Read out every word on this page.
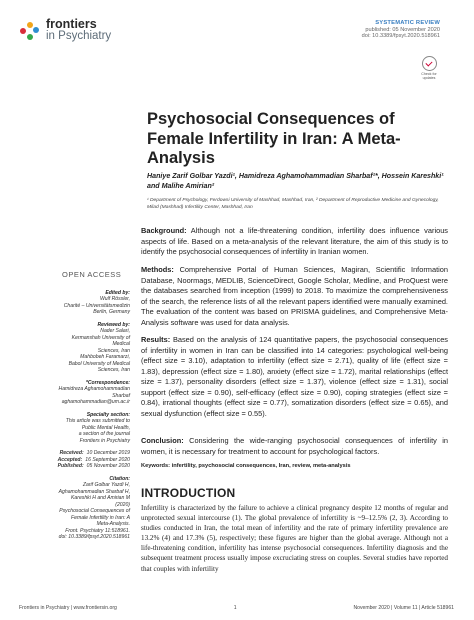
frontiers
in Psychiatry
SYSTEMATIC REVIEW
published: 05 November 2020
doi: 10.3389/fpsyt.2020.518961
Check for updates
Psychosocial Consequences of Female Infertility in Iran: A Meta-Analysis
Haniye Zarif Golbar Yazdi¹, Hamidreza Aghamohammadian Sharbaf¹*, Hossein Kareshki¹ and Malihe Amirian²
¹ Department of Psychology, Ferdowsi University of Mashhad, Mashhad, Iran, ² Department of Reproductive Medicine and Gynecology, Milad (Mashhad) Infertility Center, Mashhad, Iran
Background: Although not a life-threatening condition, infertility does influence various aspects of life. Based on a meta-analysis of the relevant literature, the aim of this study is to identify the psychosocial consequences of infertility in Iranian women.
Methods: Comprehensive Portal of Human Sciences, Magiran, Scientific Information Database, Noormags, MEDLIB, ScienceDirect, Google Scholar, Medline, and ProQuest were the databases searched from inception (1999) to 2018. To maximize the comprehensiveness of the search, the reference lists of all the relevant papers identified were manually examined. The evaluation of the content was based on PRISMA guidelines, and Comprehensive Meta-Analysis software was used for data analysis.
Results: Based on the analysis of 124 quantitative papers, the psychosocial consequences of infertility in women in Iran can be classified into 14 categories: psychological well-being (effect size = 3.10), adaptation to infertility (effect size = 2.71), quality of life (effect size = 1.83), depression (effect size = 1.80), anxiety (effect size = 1.72), marital relationships (effect size = 1.37), personality disorders (effect size = 1.37), violence (effect size = 1.31), social support (effect size = 0.90), self-efficacy (effect size = 0.90), coping strategies (effect size = 0.84), irrational thoughts (effect size = 0.77), somatization disorders (effect size = 0.65), and sexual dysfunction (effect size = 0.55).
Conclusion: Considering the wide-ranging psychosocial consequences of infertility in women, it is necessary for treatment to account for psychological factors.
Keywords: infertility, psychosocial consequences, Iran, review, meta-analysis
OPEN ACCESS
Edited by:
Wulf Rössler,
Charité – Universitätsmedizin
Berlin, Germany
Reviewed by:
Nader Salari,
Kermanshah University of Medical
Sciences, Iran
Mahbobeh Faramarzi,
Babol University of Medical
Sciences, Iran
*Correspondence:
Hamidreza Aghamohammadian
Sharbaf
aghamohammadian@um.ac.ir
Specialty section:
This article was submitted to
Public Mental Health,
a section of the journal
Frontiers in Psychiatry
Received: 10 December 2019
Accepted: 16 September 2020
Published: 05 November 2020
Citation:
Zarif Golbar Yazdi H,
Aghamohammadian Sharbaf H,
Kareshki H and Amirian M (2020)
Psychosocial Consequences of
Female Infertility in Iran: A
Meta-Analysis.
Front. Psychiatry 11:518961.
doi: 10.3389/fpsyt.2020.518961
INTRODUCTION
Infertility is characterized by the failure to achieve a clinical pregnancy despite 12 months of regular and unprotected sexual intercourse (1). The global prevalence of infertility is ~9–12.5% (2, 3). According to studies conducted in Iran, the total mean of infertility and the rate of primary infertility prevalence are 13.2% (4) and 17.3% (5), respectively; these figures are higher than the global average. Although not a life-threatening condition, infertility has intense psychosocial consequences. Infertility diagnosis and the subsequent treatment process usually impose excruciating stress on couples. Several studies have reported that couples with infertility
Frontiers in Psychiatry | www.frontiersin.org	1	November 2020 | Volume 11 | Article 518961
